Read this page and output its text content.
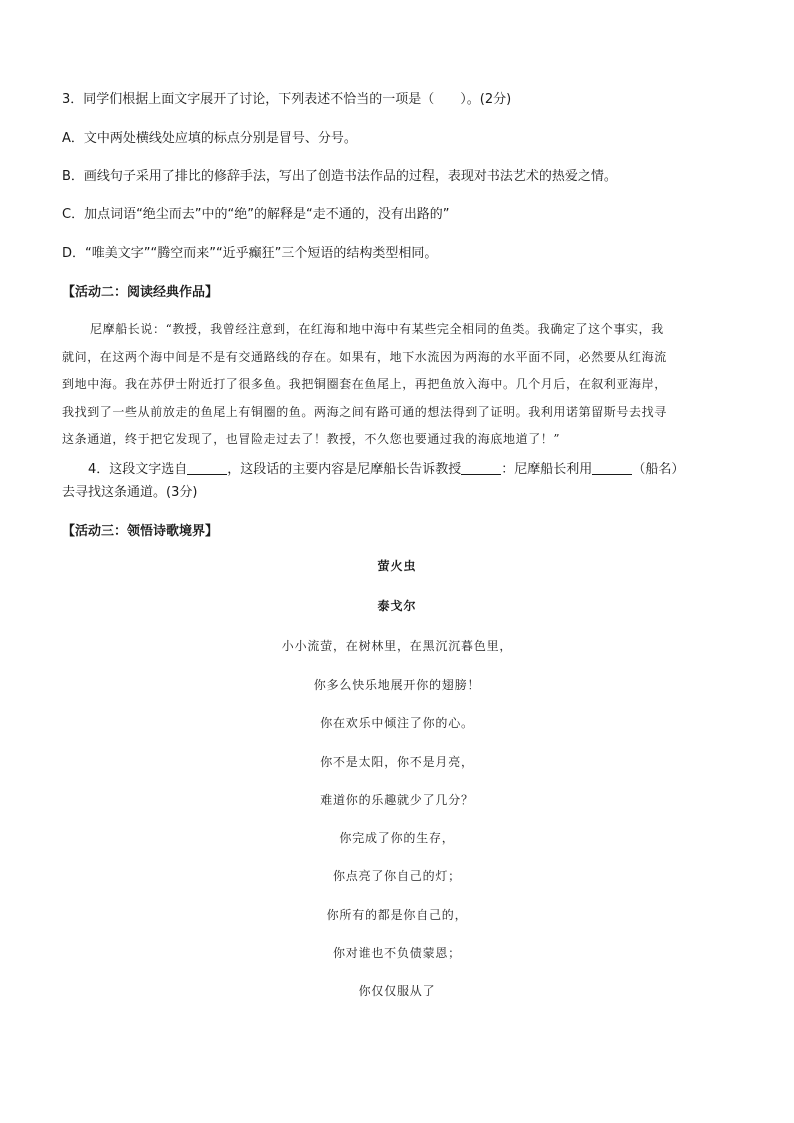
3．同学们根据上面文字展开了讨论，下列表述不恰当的一项是（　　）。(2分)
A．文中两处横线处应填的标点分别是冒号、分号。
B．画线句子采用了排比的修辞手法，写出了创造书法作品的过程，表现对书法艺术的热爱之情。
C．加点词语“绝尘而去”中的“绝”的解释是“走不通的，没有出路的”
D．“唯美文字”“腾空而来”“近乎癫狂”三个短语的结构类型相同。
【活动二：阅读经典作品】

尼摩船长说：“教授，我曾经注意到，在红海和地中海中有某些完全相同的鱼类。我确定了这个事实，我

就问，在这两个海中间是不是有交通路线的存在。如果有，地下水流因为两海的水平面不同，必然要从红海流

到地中海。我在苏伊士附近打了很多鱼。我把铜圈套在鱼尾上，再把鱼放入海中。几个月后，在叙利亚海岸，

我找到了一些从前放走的鱼尾上有铜圈的鱼。两海之间有路可通的想法得到了证明。我利用诺第留斯号去找寻

这条通道，终于把它发现了，也冒险走过去了！教授，不久您也要通过我的海底地道了！”

4．这段文字选自	，这段话的主要内容是尼摩船长告诉教授	：尼摩船长利用	（船名）

去寻找这条通道。(3分)

【活动三：领悟诗歌境界】
萤火虫
泰戈尔
小小流萤，在树林里，在黑沉沉暮色里，
你多么快乐地展开你的翅膀！
你在欢乐中倾注了你的心。
你不是太阳，你不是月亮，
难道你的乐趣就少了几分？
你完成了你的生存，
你点亮了你自己的灯；
你所有的都是你自己的，
你对谁也不负债蒙恩；
你仅仅服从了
